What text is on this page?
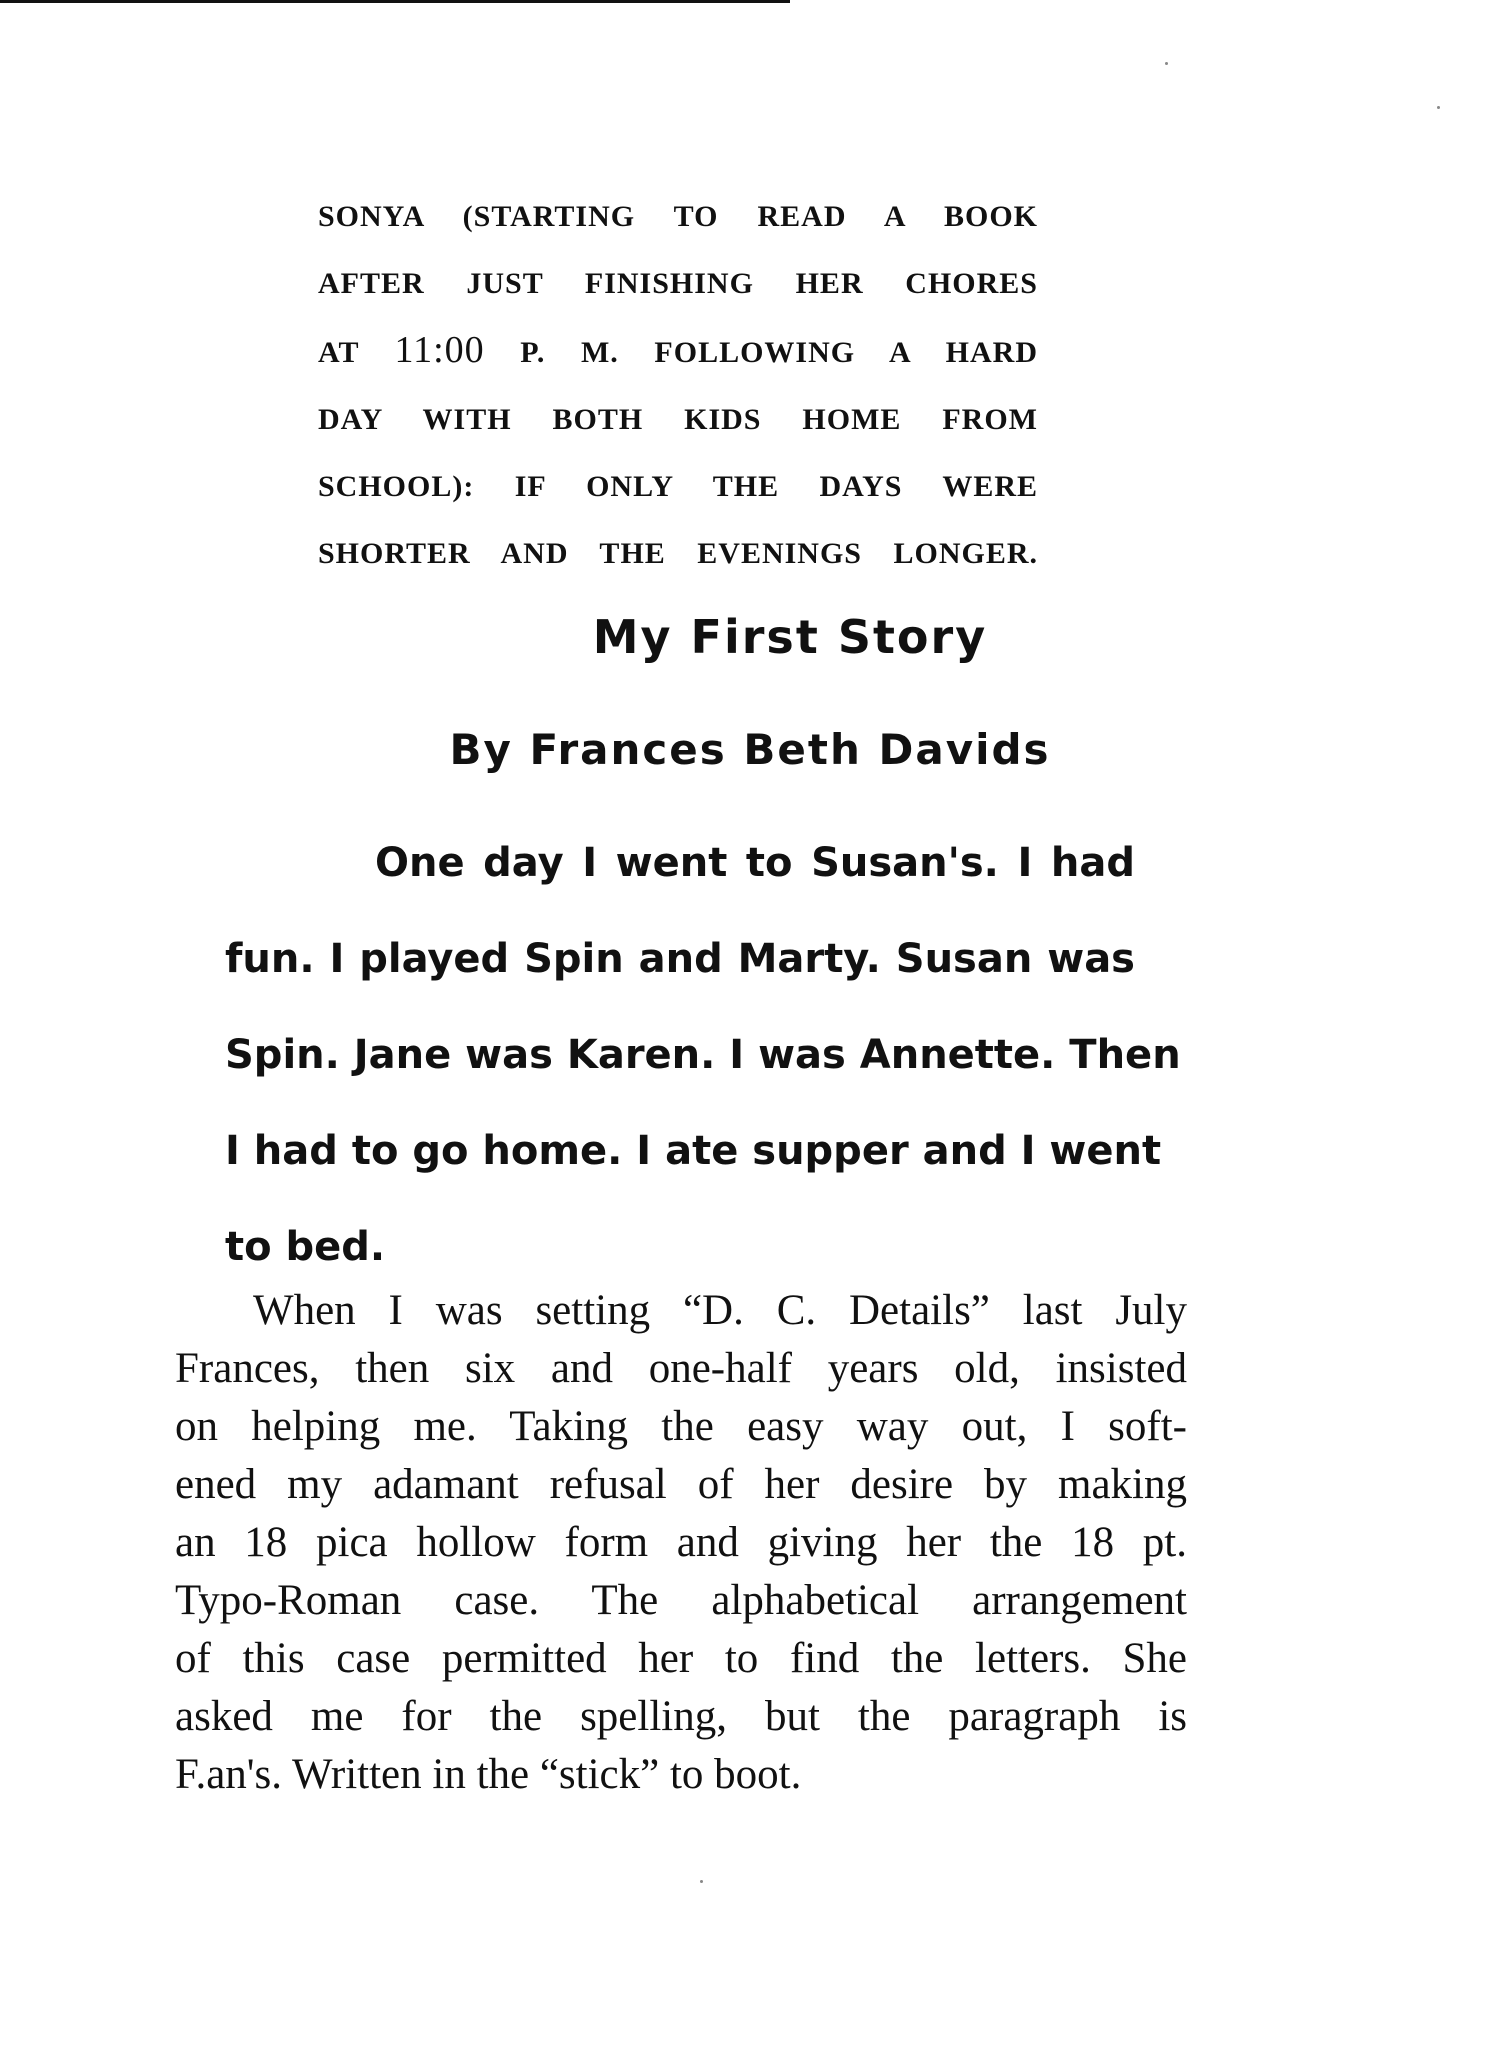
SONYA (STARTING TO READ A BOOK
AFTER JUST FINISHING HER CHORES
AT 11:00 P. M. FOLLOWING A HARD
DAY WITH BOTH KIDS HOME FROM
SCHOOL): IF ONLY THE DAYS WERE
SHORTER AND THE EVENINGS LONGER.
My First Story
By Frances Beth Davids
One day I went to Susan's. I had
fun. I played Spin and Marty. Susan was
Spin. Jane was Karen. I was Annette. Then
I had to go home. I ate supper and I went
to bed.
When I was setting “D. C. Details” last July
Frances, then six and one-half years old, insisted
on helping me. Taking the easy way out, I soft-
ened my adamant refusal of her desire by making
an 18 pica hollow form and giving her the 18 pt.
Typo-Roman case. The alphabetical arrangement
of this case permitted her to find the letters. She
asked me for the spelling, but the paragraph is
F.an's. Written in the “stick” to boot.
